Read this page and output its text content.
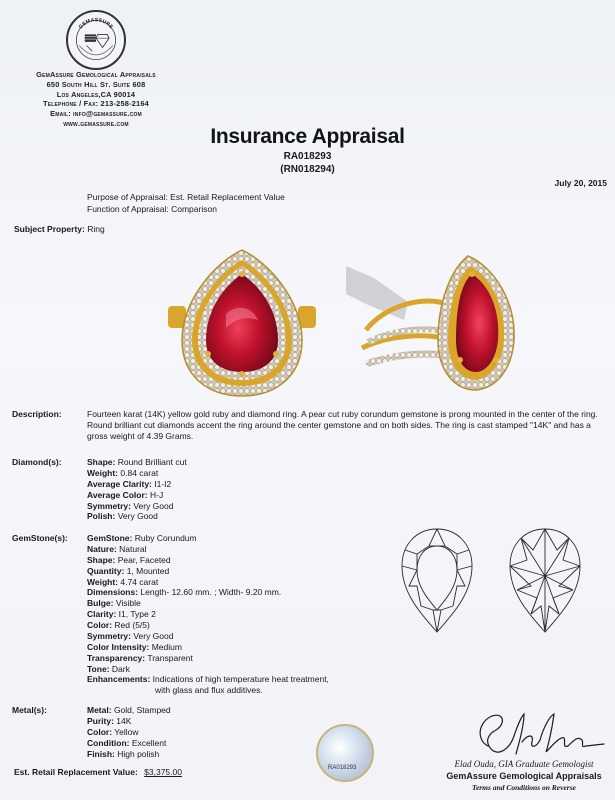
GEMASSURE
GemAssure Gemological Appraisals
650 South Hill St. Suite 608
Los Angeles,CA 90014
Telephone / Fax: 213-258-2164
Email: info@gemassure.com
www.gemassure.com
Insurance Appraisal
RA018293
(RN018294)
July 20, 2015
Purpose of Appraisal: Est. Retail Replacement Value
Function of Appraisal: Comparison
Subject Property: Ring
Description:	Fourteen karat (14K) yellow gold ruby and diamond ring. A pear cut ruby corundum gemstone is prong mounted in the center of the ring. Round brilliant cut diamonds accent the ring around the center gemstone and on both sides. The ring is cast stamped "14K" and has a gross weight of 4.39 Grams.
Diamond(s):	Shape: Round Brilliant cut
Weight: 0.84 carat
Average Clarity: I1-I2
Average Color: H-J
Symmetry: Very Good
Polish: Very Good
GemStone(s): GemStone: Ruby Corundum
Nature: Natural
Shape: Pear, Faceted
Quantity: 1, Mounted
Weight: 4.74 carat
Dimensions: Length- 12.60 mm. ; Width- 9.20 mm.
Bulge: Visible
Clarity: I1, Type 2
Color: Red (5/5)
Symmetry: Very Good
Color Intensity: Medium
Transparency: Transparent
Tone: Dark
Enhancements: Indications of high temperature heat treatment,
with glass and flux additives.
Metal(s):	Metal: Gold, Stamped
Purity: 14K
Color: Yellow
Condition: Excellent
Finish: High polish
Est. Retail Replacement Value: $3,375.00	RA018293	Elad Ouda, GIA Graduate Gemologist
GemAssure Gemological Appraisals
Terms and Conditions on Reverse
